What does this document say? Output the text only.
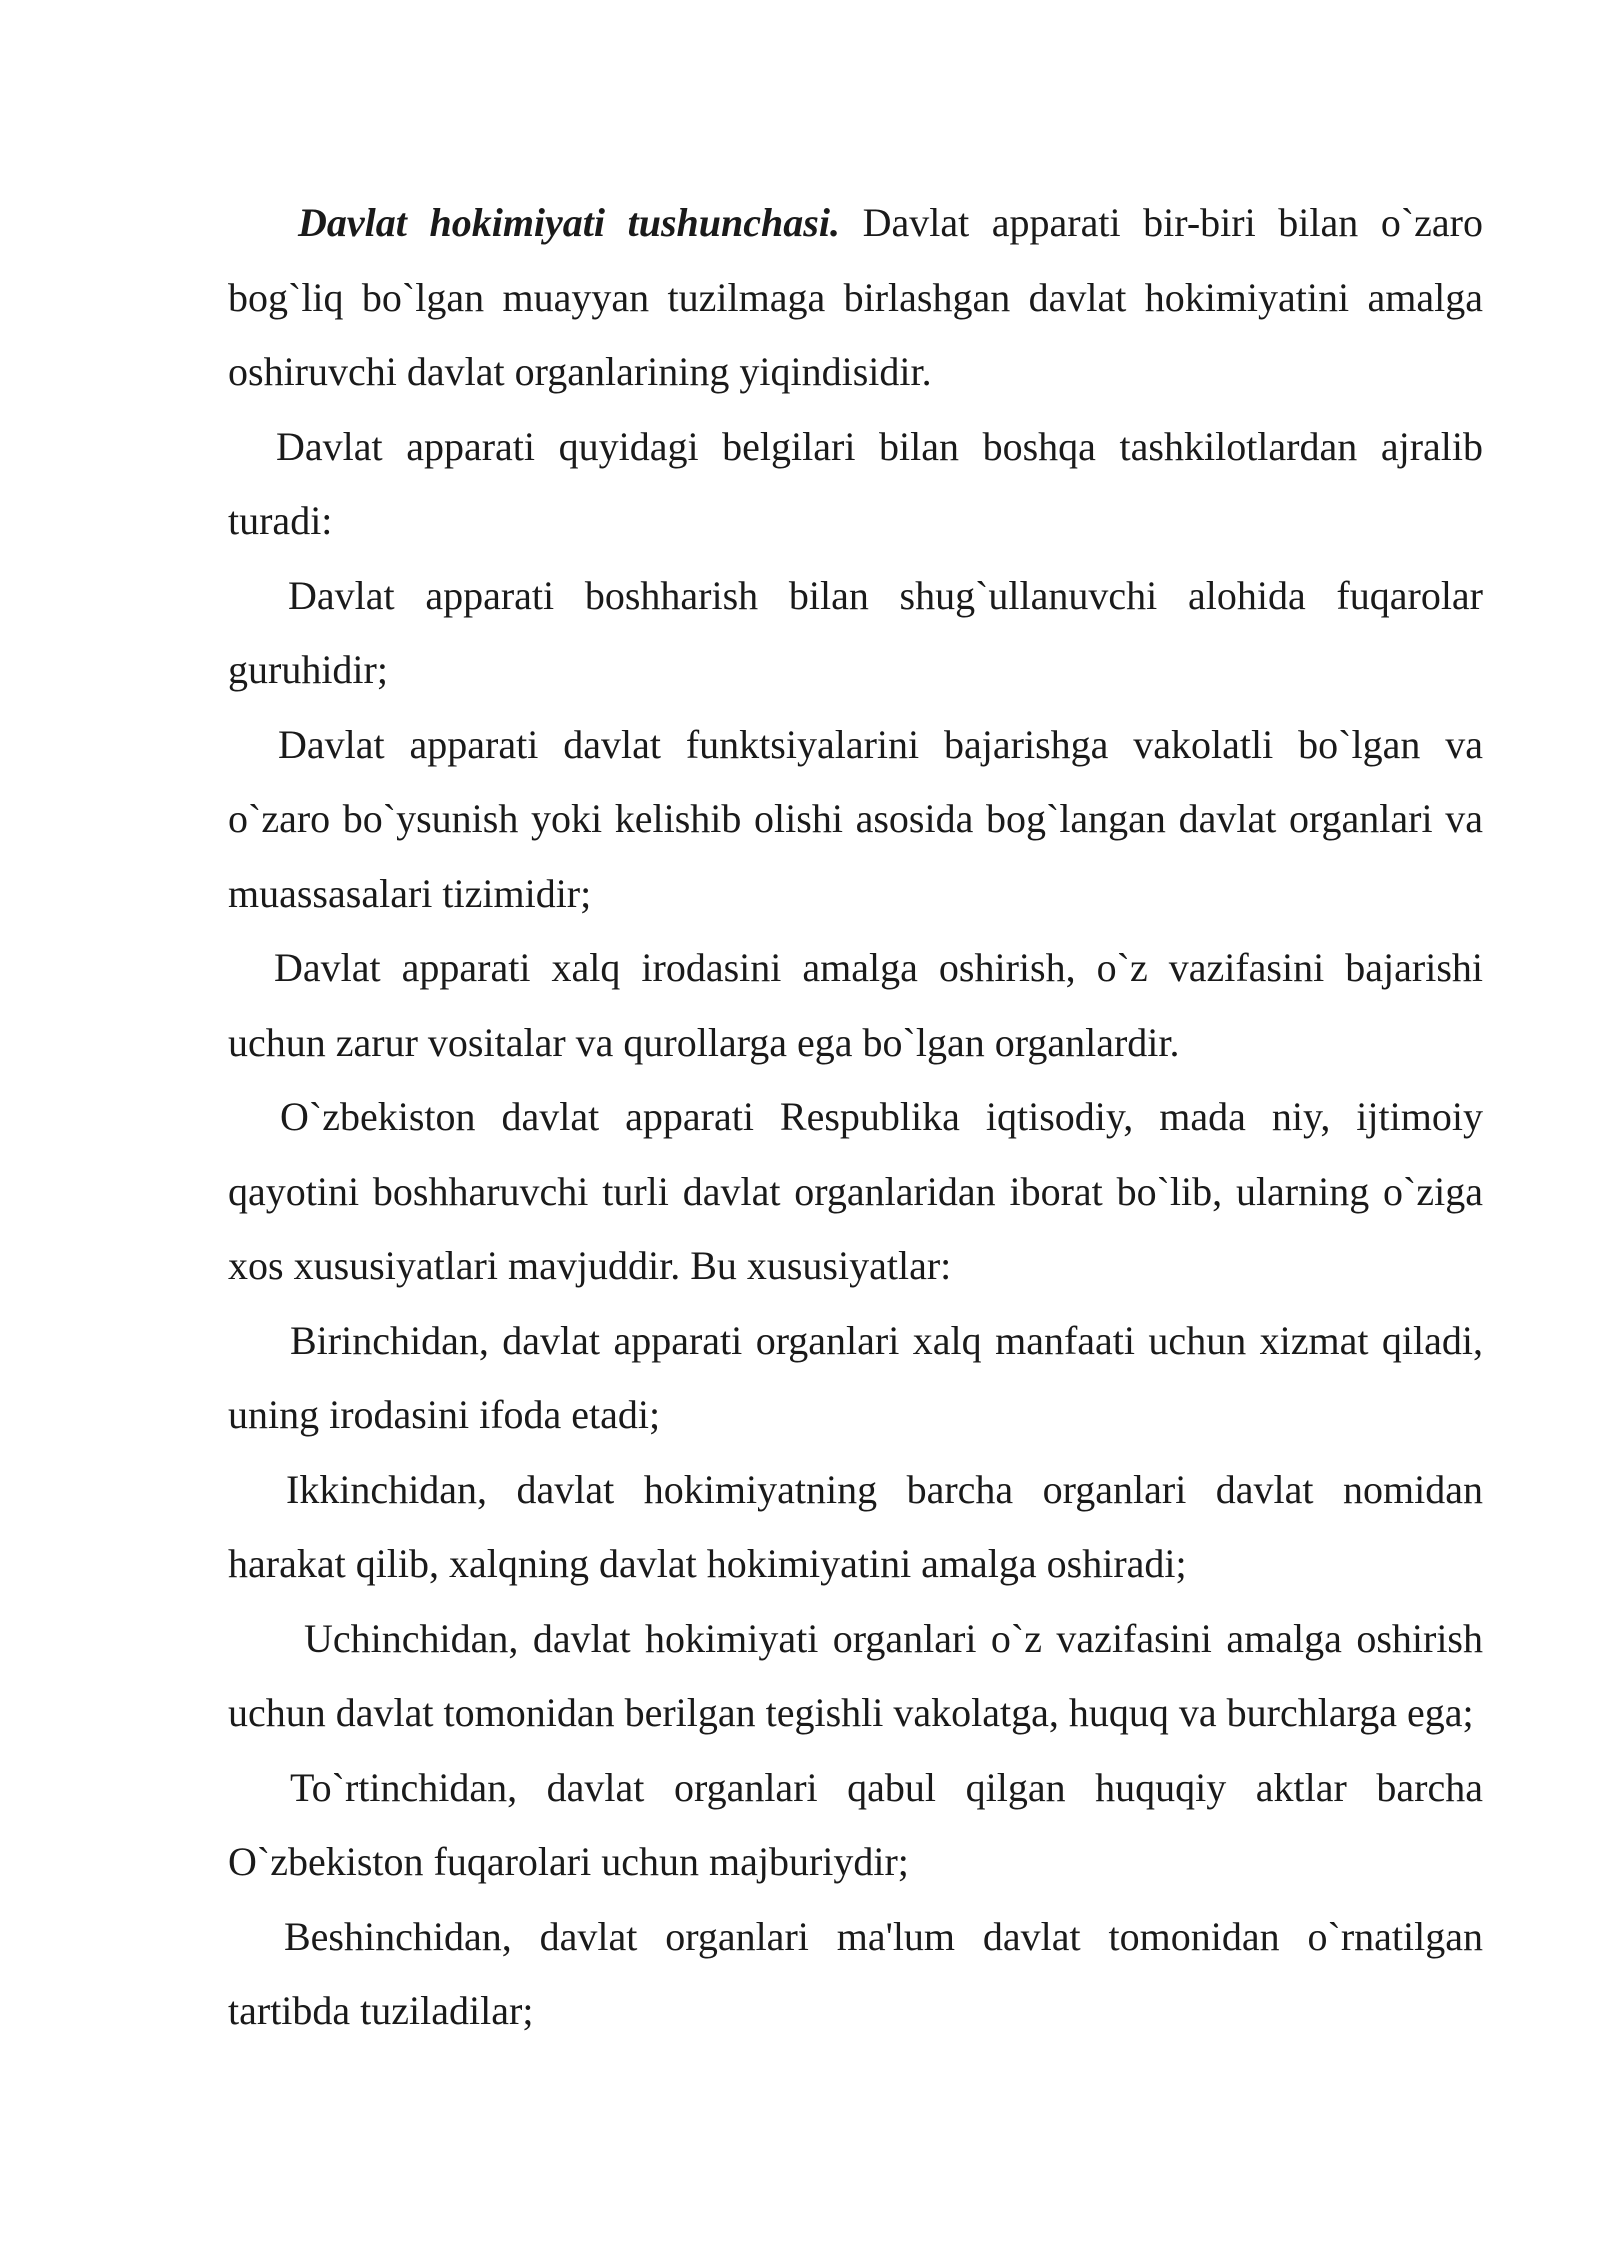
Davlat hokimiyati tushunchasi. Davlat apparati bir-biri bilan o`zaro bog`liq bo`lgan muayyan tuzilmaga birlashgan davlat hokimiyatini amalga oshiruvchi davlat organlarining yiqindisidir.

Davlat apparati quyidagi belgilari bilan boshqa tashkilotlardan ajralib turadi:

Davlat apparati boshharish bilan shug`ullanuvchi alohida fuqarolar guruhidir;

Davlat apparati davlat funktsiyalarini bajarishga vakolatli bo`lgan va o`zaro bo`ysunish yoki kelishib olishi asosida bog`langan davlat organlari va muassasalari tizimidir;

Davlat apparati xalq irodasini amalga oshirish, o`z vazifasini bajarishi uchun zarur vositalar va qurollarga ega bo`lgan organlardir.

O`zbekiston davlat apparati Respublika iqtisodiy, mada niy, ijtimoiy qayotini boshharuvchi turli davlat organlaridan iborat bo`lib, ularning o`ziga xos xususiyatlari mavjuddir. Bu xususiyatlar:

Birinchidan, davlat apparati organlari xalq manfaati uchun xizmat qiladi, uning irodasini ifoda etadi;

Ikkinchidan, davlat hokimiyatning barcha organlari davlat nomidan harakat qilib, xalqning davlat hokimiyatini amalga oshiradi;

Uchinchidan, davlat hokimiyati organlari o`z vazifasini amalga oshirish uchun davlat tomonidan berilgan tegishli vakolatga, huquq va burchlarga ega;

To`rtinchidan, davlat organlari qabul qilgan huquqiy aktlar barcha O`zbekiston fuqarolari uchun majburiydir;

Beshinchidan, davlat organlari ma'lum davlat tomonidan o`rnatilgan tartibda tuziladilar;
